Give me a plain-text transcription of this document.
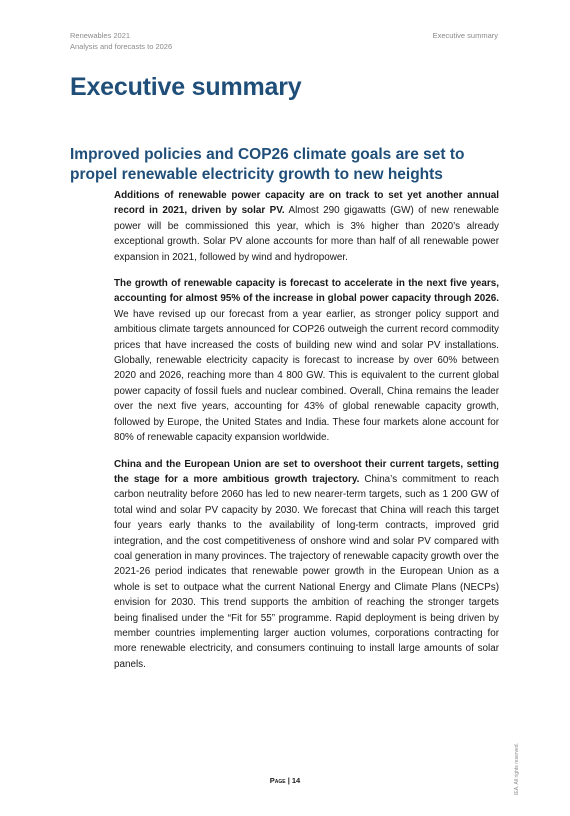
Renewables 2021
Analysis and forecasts to 2026
Executive summary
Executive summary
Improved policies and COP26 climate goals are set to propel renewable electricity growth to new heights

Additions of renewable power capacity are on track to set yet another annual record in 2021, driven by solar PV. Almost 290 gigawatts (GW) of new renewable power will be commissioned this year, which is 3% higher than 2020’s already exceptional growth. Solar PV alone accounts for more than half of all renewable power expansion in 2021, followed by wind and hydropower.

The growth of renewable capacity is forecast to accelerate in the next five years, accounting for almost 95% of the increase in global power capacity through 2026. We have revised up our forecast from a year earlier, as stronger policy support and ambitious climate targets announced for COP26 outweigh the current record commodity prices that have increased the costs of building new wind and solar PV installations. Globally, renewable electricity capacity is forecast to increase by over 60% between 2020 and 2026, reaching more than 4 800 GW. This is equivalent to the current global power capacity of fossil fuels and nuclear combined. Overall, China remains the leader over the next five years, accounting for 43% of global renewable capacity growth, followed by Europe, the United States and India. These four markets alone account for 80% of renewable capacity expansion worldwide.

China and the European Union are set to overshoot their current targets, setting the stage for a more ambitious growth trajectory. China’s commitment to reach carbon neutrality before 2060 has led to new nearer-term targets, such as 1 200 GW of total wind and solar PV capacity by 2030. We forecast that China will reach this target four years early thanks to the availability of long-term contracts, improved grid integration, and the cost competitiveness of onshore wind and solar PV compared with coal generation in many provinces. The trajectory of renewable capacity growth over the 2021-26 period indicates that renewable power growth in the European Union as a whole is set to outpace what the current National Energy and Climate Plans (NECPs) envision for 2030. This trend supports the ambition of reaching the stronger targets being finalised under the “Fit for 55” programme. Rapid deployment is being driven by member countries implementing larger auction volumes, corporations contracting for more renewable electricity, and consumers continuing to install large amounts of solar panels.

Page | 14	IEA. All rights reserved.
